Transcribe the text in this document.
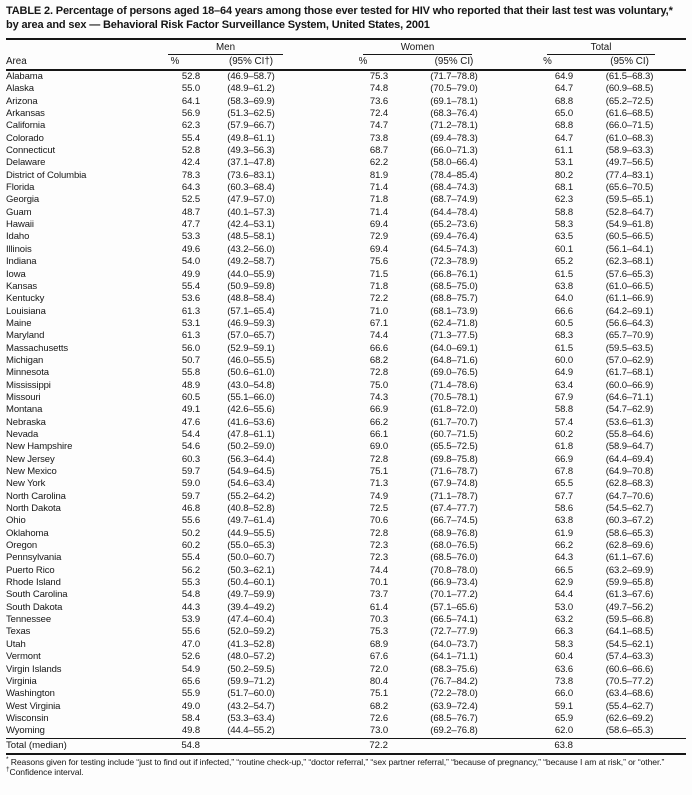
TABLE 2. Percentage of persons aged 18–64 years among those ever tested for HIV who reported that their last test was voluntary,* by area and sex — Behavioral Risk Factor Surveillance System, United States, 2001

	Men			Women			Total	

Area	%	(95% CI†)		%	(95% CI)		%	(95% CI)
Alabama	52.8	(46.9–58.7)		75.3	(71.7–78.8)		64.9	(61.5–68.3)
Alaska	55.0	(48.9–61.2)		74.8	(70.5–79.0)		64.7	(60.9–68.5)
Arizona	64.1	(58.3–69.9)		73.6	(69.1–78.1)		68.8	(65.2–72.5)
Arkansas	56.9	(51.3–62.5)		72.4	(68.3–76.4)		65.0	(61.6–68.5)
California	62.3	(57.9–66.7)		74.7	(71.2–78.1)		68.8	(66.0–71.5)
Colorado	55.4	(49.8–61.1)		73.8	(69.4–78.3)		64.7	(61.0–68.3)
Connecticut	52.8	(49.3–56.3)		68.7	(66.0–71.3)		61.1	(58.9–63.3)
Delaware	42.4	(37.1–47.8)		62.2	(58.0–66.4)		53.1	(49.7–56.5)
District of Columbia	78.3	(73.6–83.1)		81.9	(78.4–85.4)		80.2	(77.4–83.1)
Florida	64.3	(60.3–68.4)		71.4	(68.4–74.3)		68.1	(65.6–70.5)
Georgia	52.5	(47.9–57.0)		71.8	(68.7–74.9)		62.3	(59.5–65.1)
Guam	48.7	(40.1–57.3)		71.4	(64.4–78.4)		58.8	(52.8–64.7)
Hawaii	47.7	(42.4–53.1)		69.4	(65.2–73.6)		58.3	(54.9–61.8)
Idaho	53.3	(48.5–58.1)		72.9	(69.4–76.4)		63.5	(60.5–66.5)
Illinois	49.6	(43.2–56.0)		69.4	(64.5–74.3)		60.1	(56.1–64.1)
Indiana	54.0	(49.2–58.7)		75.6	(72.3–78.9)		65.2	(62.3–68.1)
Iowa	49.9	(44.0–55.9)		71.5	(66.8–76.1)		61.5	(57.6–65.3)
Kansas	55.4	(50.9–59.8)		71.8	(68.5–75.0)		63.8	(61.0–66.5)
Kentucky	53.6	(48.8–58.4)		72.2	(68.8–75.7)		64.0	(61.1–66.9)
Louisiana	61.3	(57.1–65.4)		71.0	(68.1–73.9)		66.6	(64.2–69.1)
Maine	53.1	(46.9–59.3)		67.1	(62.4–71.8)		60.5	(56.6–64.3)
Maryland	61.3	(57.0–65.7)		74.4	(71.3–77.5)		68.3	(65.7–70.9)
Massachusetts	56.0	(52.9–59.1)		66.6	(64.0–69.1)		61.5	(59.5–63.5)
Michigan	50.7	(46.0–55.5)		68.2	(64.8–71.6)		60.0	(57.0–62.9)
Minnesota	55.8	(50.6–61.0)		72.8	(69.0–76.5)		64.9	(61.7–68.1)
Mississippi	48.9	(43.0–54.8)		75.0	(71.4–78.6)		63.4	(60.0–66.9)
Missouri	60.5	(55.1–66.0)		74.3	(70.5–78.1)		67.9	(64.6–71.1)
Montana	49.1	(42.6–55.6)		66.9	(61.8–72.0)		58.8	(54.7–62.9)
Nebraska	47.6	(41.6–53.6)		66.2	(61.7–70.7)		57.4	(53.6–61.3)
Nevada	54.4	(47.8–61.1)		66.1	(60.7–71.5)		60.2	(55.8–64.6)
New Hampshire	54.6	(50.2–59.0)		69.0	(65.5–72.5)		61.8	(58.9–64.7)
New Jersey	60.3	(56.3–64.4)		72.8	(69.8–75.8)		66.9	(64.4–69.4)
New Mexico	59.7	(54.9–64.5)		75.1	(71.6–78.7)		67.8	(64.9–70.8)
New York	59.0	(54.6–63.4)		71.3	(67.9–74.8)		65.5	(62.8–68.3)
North Carolina	59.7	(55.2–64.2)		74.9	(71.1–78.7)		67.7	(64.7–70.6)
North Dakota	46.8	(40.8–52.8)		72.5	(67.4–77.7)		58.6	(54.5–62.7)
Ohio	55.6	(49.7–61.4)		70.6	(66.7–74.5)		63.8	(60.3–67.2)
Oklahoma	50.2	(44.9–55.5)		72.8	(68.9–76.8)		61.9	(58.6–65.3)
Oregon	60.2	(55.0–65.3)		72.3	(68.0–76.5)		66.2	(62.8–69.6)
Pennsylvania	55.4	(50.0–60.7)		72.3	(68.5–76.0)		64.3	(61.1–67.6)
Puerto Rico	56.2	(50.3–62.1)		74.4	(70.8–78.0)		66.5	(63.2–69.9)
Rhode Island	55.3	(50.4–60.1)		70.1	(66.9–73.4)		62.9	(59.9–65.8)
South Carolina	54.8	(49.7–59.9)		73.7	(70.1–77.2)		64.4	(61.3–67.6)
South Dakota	44.3	(39.4–49.2)		61.4	(57.1–65.6)		53.0	(49.7–56.2)
Tennessee	53.9	(47.4–60.4)		70.3	(66.5–74.1)		63.2	(59.5–66.8)
Texas	55.6	(52.0–59.2)		75.3	(72.7–77.9)		66.3	(64.1–68.5)
Utah	47.0	(41.3–52.8)		68.9	(64.0–73.7)		58.3	(54.5–62.1)
Vermont	52.6	(48.0–57.2)		67.6	(64.1–71.1)		60.4	(57.4–63.3)
Virgin Islands	54.9	(50.2–59.5)		72.0	(68.3–75.6)		63.6	(60.6–66.6)
Virginia	65.6	(59.9–71.2)		80.4	(76.7–84.2)		73.8	(70.5–77.2)
Washington	55.9	(51.7–60.0)		75.1	(72.2–78.0)		66.0	(63.4–68.6)
West Virginia	49.0	(43.2–54.7)		68.2	(63.9–72.4)		59.1	(55.4–62.7)
Wisconsin	58.4	(53.3–63.4)		72.6	(68.5–76.7)		65.9	(62.6–69.2)
Wyoming	49.8	(44.4–55.2)		73.0	(69.2–76.8)		62.0	(58.6–65.3)
Total (median)	54.8			72.2			63.8	

* Reasons given for testing include “just to find out if infected,” “routine check-up,” “doctor referral,” “sex partner referral,” “because of pregnancy,” “because I am at risk,” or “other.”

†Confidence interval.
